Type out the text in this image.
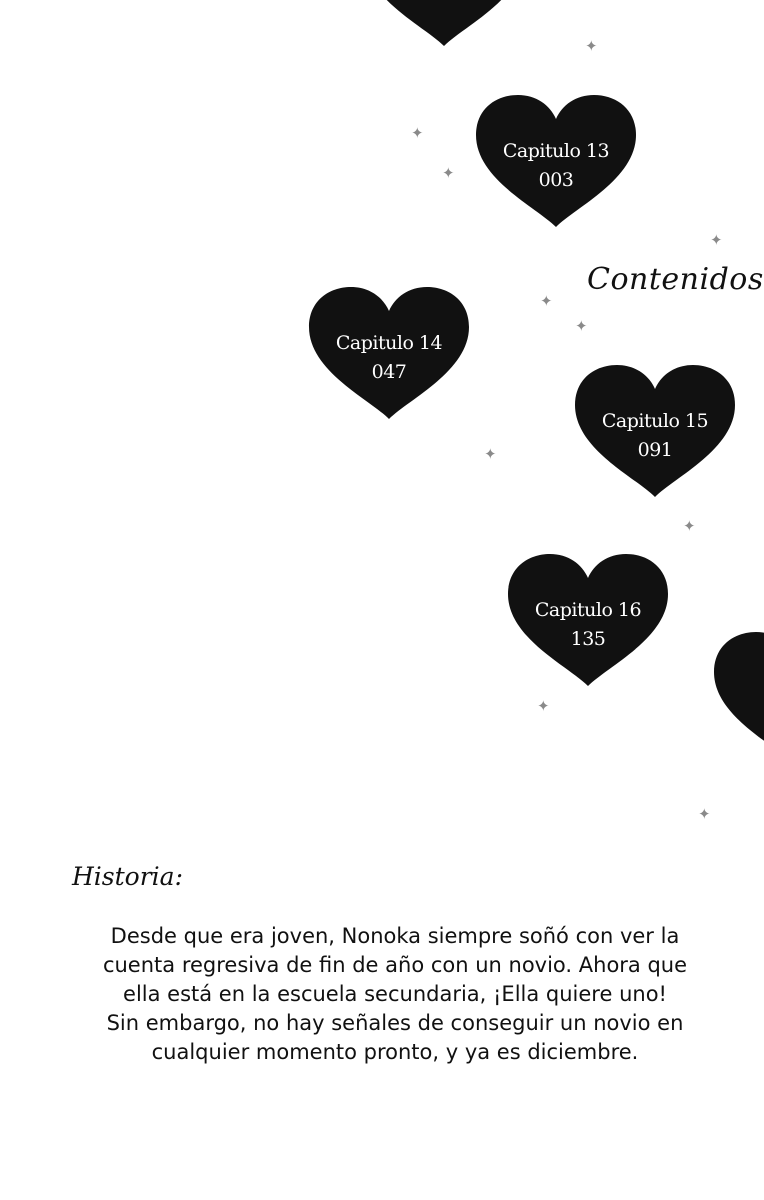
Capitulo 13
003
Capitulo 14
047
Capitulo 15
091
Capitulo 16
135
Contenidos
✦
✦
✦
✦
✦
✦
✦
✦
✦
✦
Historia:
Desde que era joven, Nonoka siempre soñó con ver la
cuenta regresiva de fin de año con un novio. Ahora que
ella está en la escuela secundaria, ¡Ella quiere uno!
Sin embargo, no hay señales de conseguir un novio en
cualquier momento pronto, y ya es diciembre.
